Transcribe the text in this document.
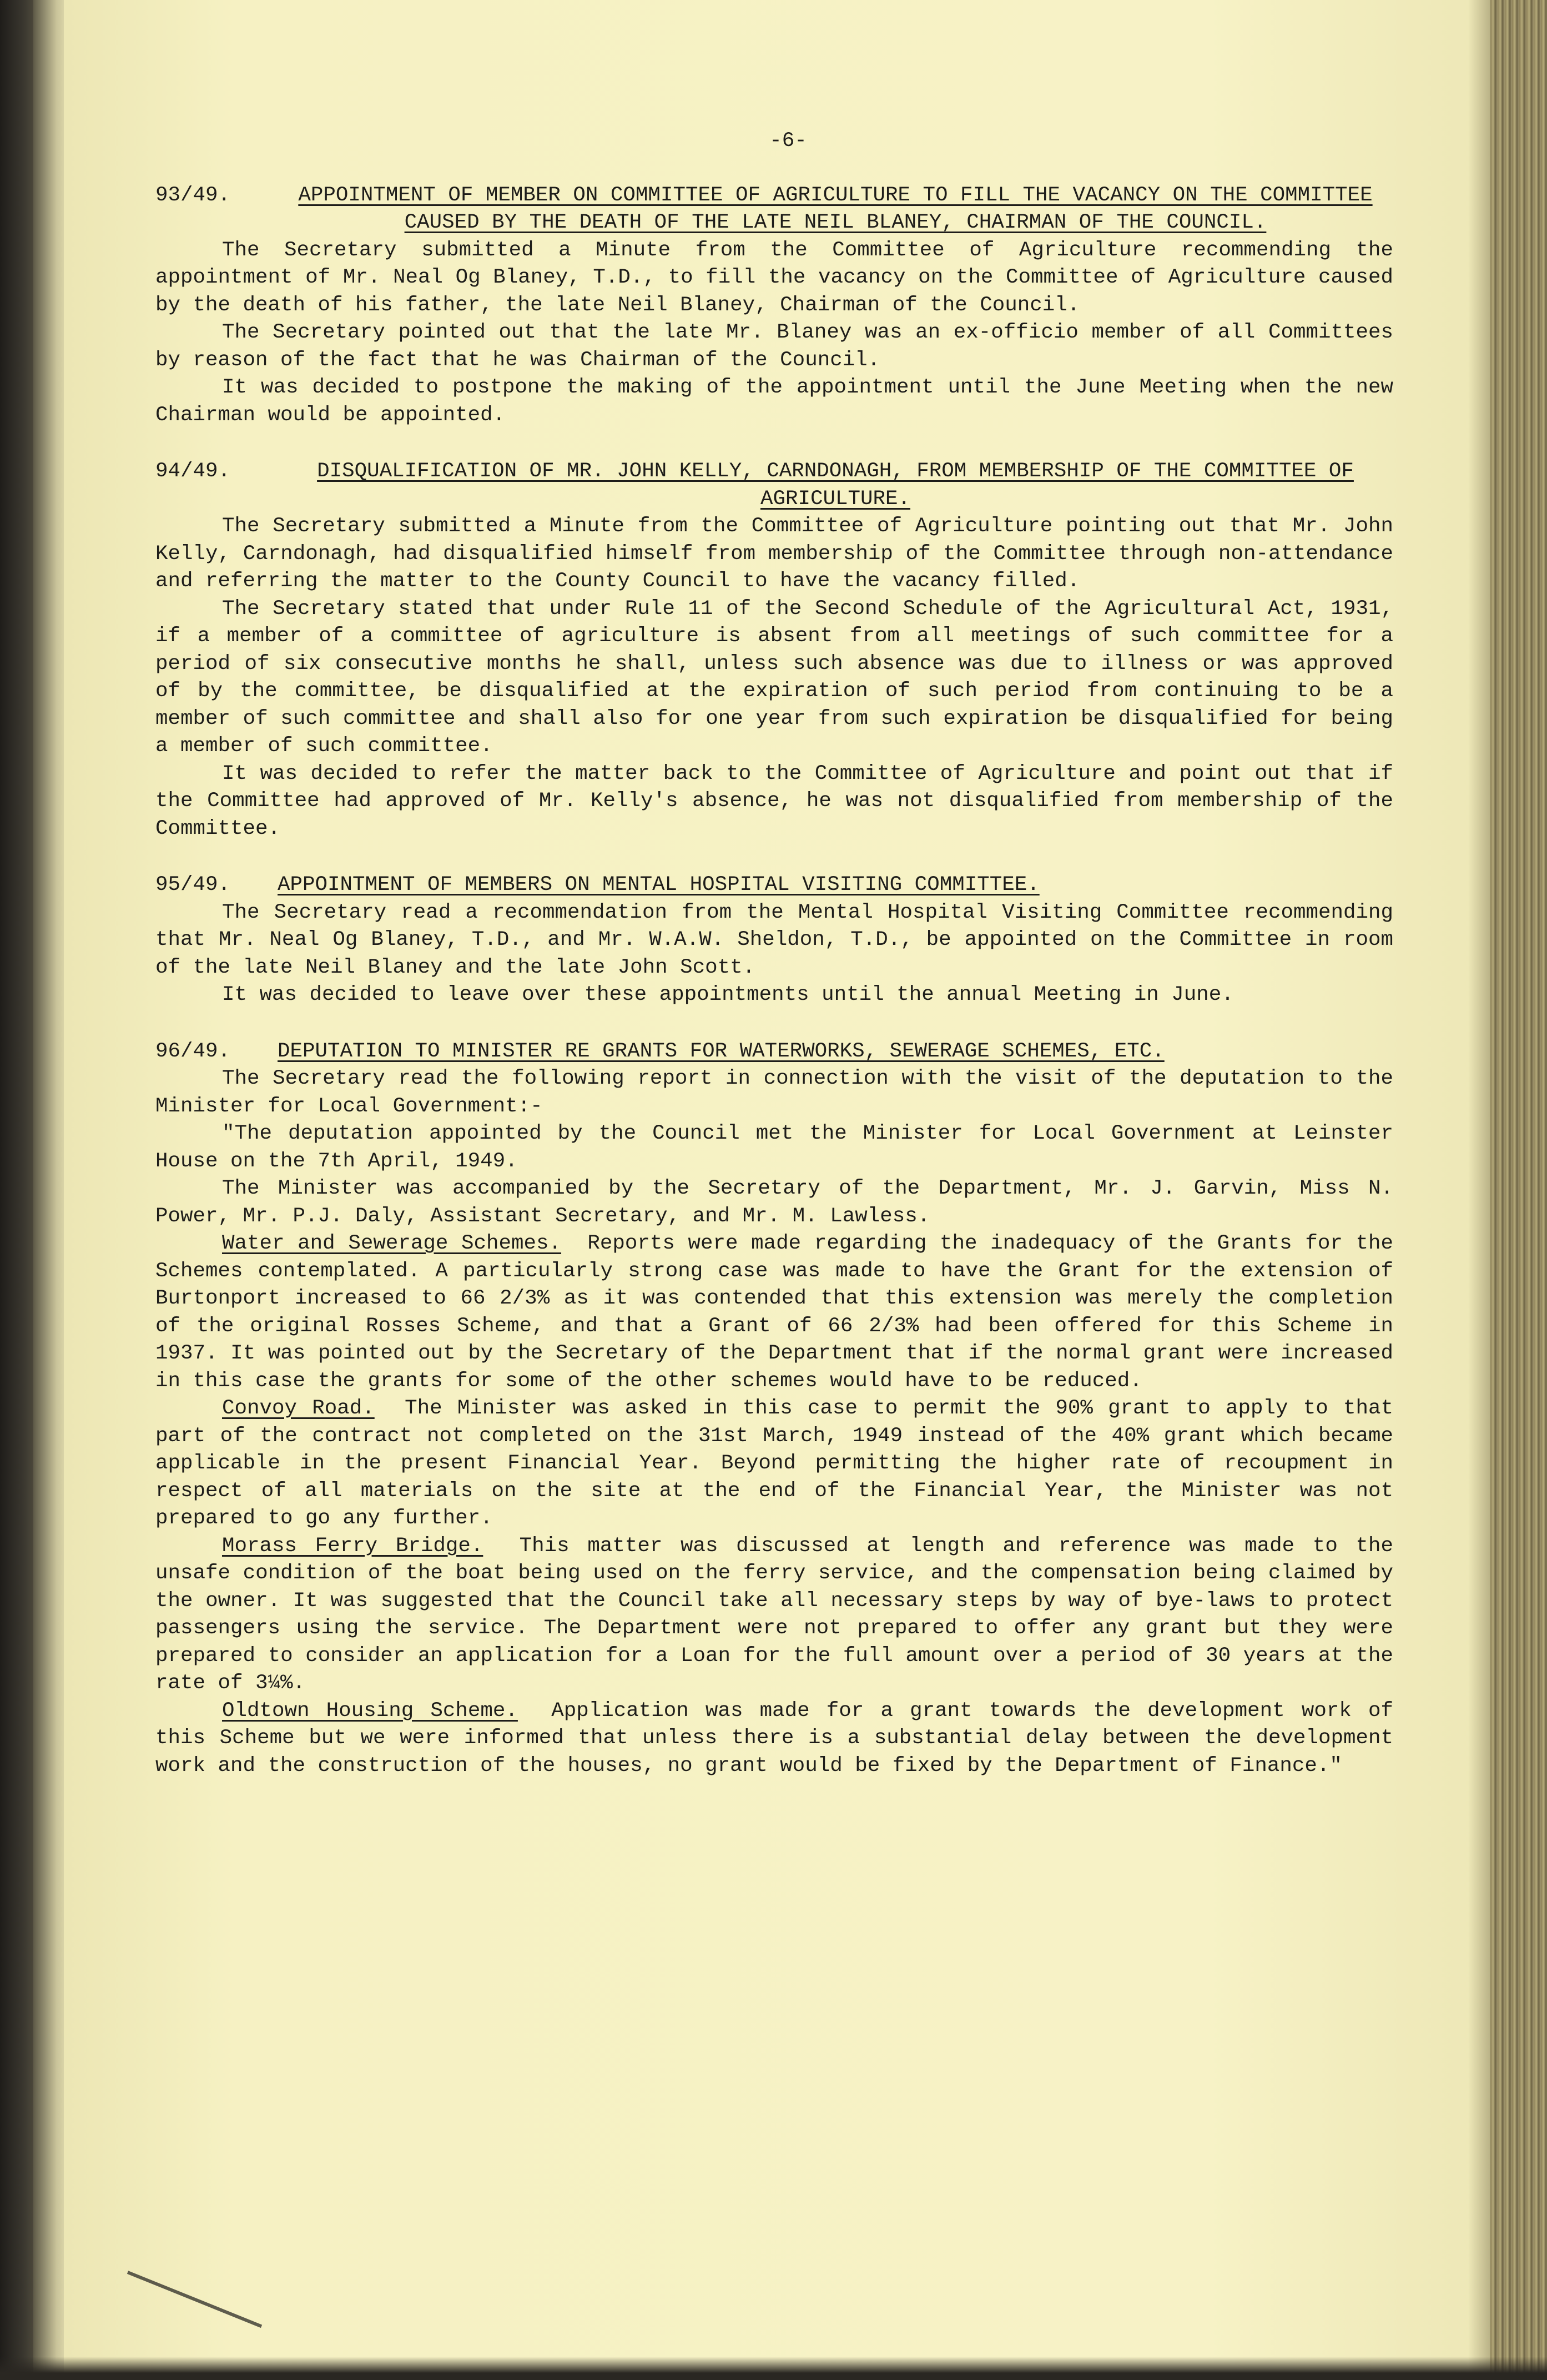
-6-
93/49.	APPOINTMENT OF MEMBER ON COMMITTEE OF AGRICULTURE TO FILL THE VACANCY ON THE COMMITTEE CAUSED BY THE DEATH OF THE LATE NEIL BLANEY, CHAIRMAN OF THE COUNCIL.

The Secretary submitted a Minute from the Committee of Agriculture recommending the appointment of Mr. Neal Og Blaney, T.D., to fill the vacancy on the Committee of Agriculture caused by the death of his father, the late Neil Blaney, Chairman of the Council.

The Secretary pointed out that the late Mr. Blaney was an ex-officio member of all Committees by reason of the fact that he was Chairman of the Council.

It was decided to postpone the making of the appointment until the June Meeting when the new Chairman would be appointed.

94/49.	DISQUALIFICATION OF MR. JOHN KELLY, CARNDONAGH, FROM MEMBERSHIP OF THE COMMITTEE OF AGRICULTURE.

The Secretary submitted a Minute from the Committee of Agriculture pointing out that Mr. John Kelly, Carndonagh, had disqualified himself from membership of the Committee through non-attendance and referring the matter to the County Council to have the vacancy filled.

The Secretary stated that under Rule 11 of the Second Schedule of the Agricultural Act, 1931, if a member of a committee of agriculture is absent from all meetings of such committee for a period of six consecutive months he shall, unless such absence was due to illness or was approved of by the committee, be disqualified at the expiration of such period from continuing to be a member of such committee and shall also for one year from such expiration be disqualified for being a member of such committee.

It was decided to refer the matter back to the Committee of Agriculture and point out that if the Committee had approved of Mr. Kelly's absence, he was not disqualified from membership of the Committee.

95/49.	APPOINTMENT OF MEMBERS ON MENTAL HOSPITAL VISITING COMMITTEE.

The Secretary read a recommendation from the Mental Hospital Visiting Committee recommending that Mr. Neal Og Blaney, T.D., and Mr. W.A.W. Sheldon, T.D., be appointed on the Committee in room of the late Neil Blaney and the late John Scott.

It was decided to leave over these appointments until the annual Meeting in June.

96/49.	DEPUTATION TO MINISTER RE GRANTS FOR WATERWORKS, SEWERAGE SCHEMES, ETC.

The Secretary read the following report in connection with the visit of the deputation to the Minister for Local Government:-

"The deputation appointed by the Council met the Minister for Local Government at Leinster House on the 7th April, 1949.

The Minister was accompanied by the Secretary of the Department, Mr. J. Garvin, Miss N. Power, Mr. P.J. Daly, Assistant Secretary, and Mr. M. Lawless.

Water and Sewerage Schemes. Reports were made regarding the inadequacy of the Grants for the Schemes contemplated. A particularly strong case was made to have the Grant for the extension of Burtonport increased to 66 2/3% as it was contended that this extension was merely the completion of the original Rosses Scheme, and that a Grant of 66 2/3% had been offered for this Scheme in 1937. It was pointed out by the Secretary of the Department that if the normal grant were increased in this case the grants for some of the other schemes would have to be reduced.

Convoy Road. The Minister was asked in this case to permit the 90% grant to apply to that part of the contract not completed on the 31st March, 1949 instead of the 40% grant which became applicable in the present Financial Year. Beyond permitting the higher rate of recoupment in respect of all materials on the site at the end of the Financial Year, the Minister was not prepared to go any further.

Morass Ferry Bridge. This matter was discussed at length and reference was made to the unsafe condition of the boat being used on the ferry service, and the compensation being claimed by the owner. It was suggested that the Council take all necessary steps by way of bye-laws to protect passengers using the service. The Department were not prepared to offer any grant but they were prepared to consider an application for a Loan for the full amount over a period of 30 years at the rate of 3¼%.

Oldtown Housing Scheme. Application was made for a grant towards the development work of this Scheme but we were informed that unless there is a substantial delay between the development work and the construction of the houses, no grant would be fixed by the Department of Finance."
